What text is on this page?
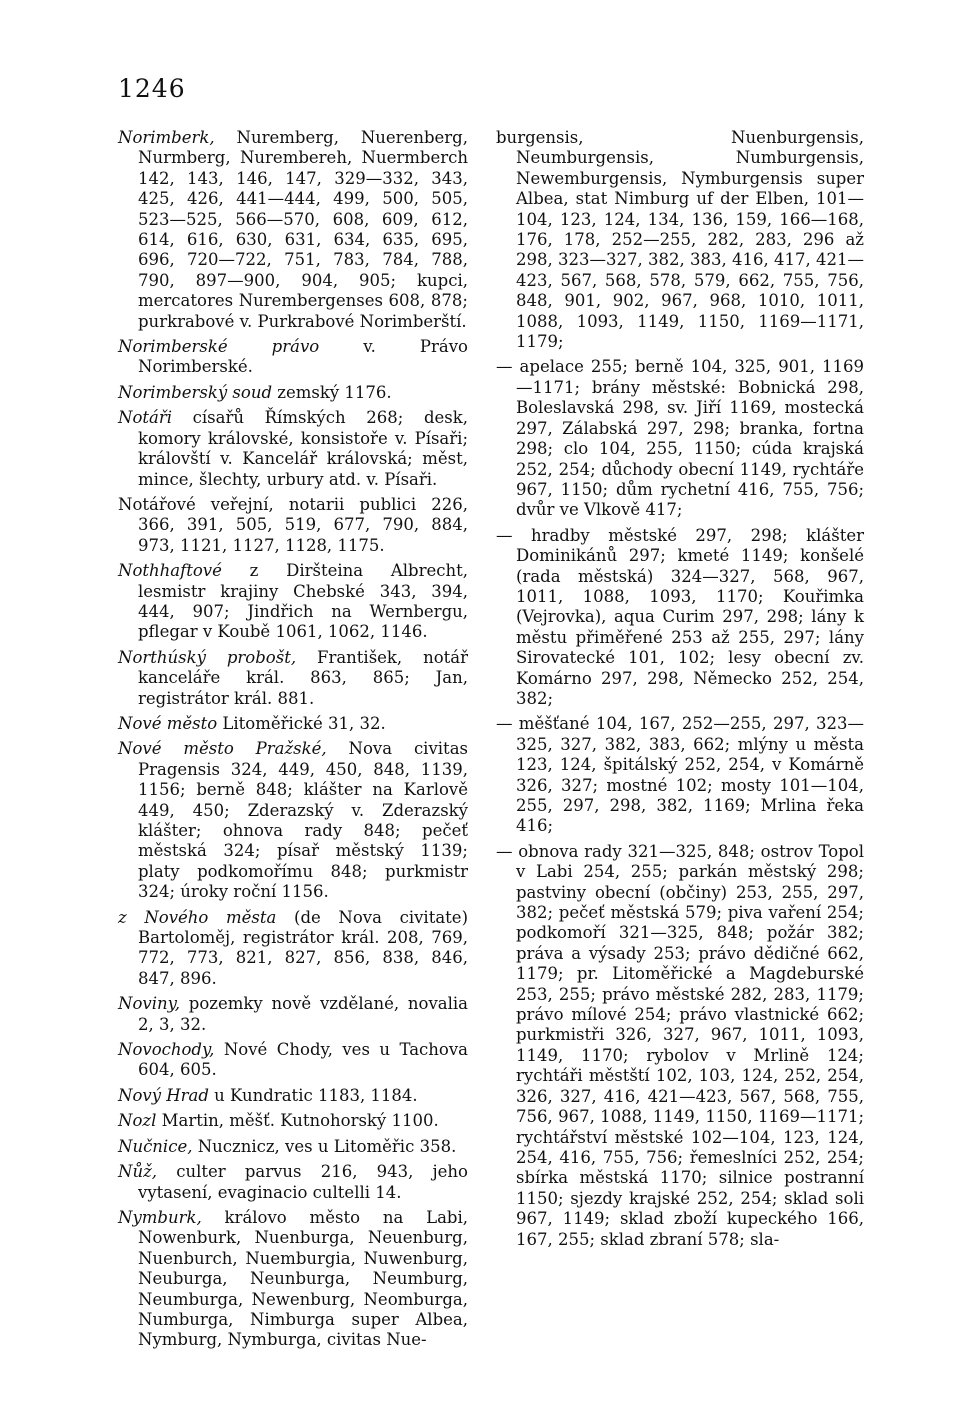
1246

Norimberk, Nuremberg, Nuerenberg, Nurmberg, Nurembereh, Nuermberch 142, 143, 146, 147, 329—332, 343, 425, 426, 441—444, 499, 500, 505, 523—525, 566—570, 608, 609, 612, 614, 616, 630, 631, 634, 635, 695, 696, 720—722, 751, 783, 784, 788, 790, 897—900, 904, 905; kupci, mercatores Nurembergenses 608, 878; purkrabové v. Purkrabové Norimberští.

Norimberské právo v. Právo Norimberské.

Norimberský soud zemský 1176.

Notáři císařů Římských 268; desk, komory královské, konsistoře v. Písaři; královští v. Kancelář královská; měst, mince, šlechty, urbury atd. v. Písaři.

Notářové veřejní, notarii publici 226, 366, 391, 505, 519, 677, 790, 884, 973, 1121, 1127, 1128, 1175.

Nothhaftové z Diršteina Albrecht, lesmistr krajiny Chebské 343, 394, 444, 907; Jindřich na Wernbergu, pflegar v Koubě 1061, 1062, 1146.

Northúský probošt, František, notář kanceláře král. 863, 865; Jan, registrátor král. 881.

Nové město Litoměřické 31, 32.

Nové město Pražské, Nova civitas Pragensis 324, 449, 450, 848, 1139, 1156; berně 848; klášter na Karlově 449, 450; Zderazský v. Zderazský klášter; ohnova rady 848; pečeť městská 324; písař městský 1139; platy podkomořímu 848; purkmistr 324; úroky roční 1156.

z Nového města (de Nova civitate) Bartoloměj, registrátor král. 208, 769, 772, 773, 821, 827, 856, 838, 846, 847, 896.

Noviny, pozemky nově vzdělané, novalia 2, 3, 32.

Novochody, Nové Chody, ves u Tachova 604, 605.

Nový Hrad u Kundratic 1183, 1184.

Nozl Martin, měšť. Kutnohorský 1100.

Nučnice, Nucznicz, ves u Litoměřic 358.

Nůž, culter parvus 216, 943, jeho vytasení, evaginacio cultelli 14.

Nymburk, královo město na Labi, Nowenburk, Nuenburga, Neuenburg, Nuenburch, Nuemburgia, Nuwenburg, Neuburga, Neunburga, Neumburg, Neumburga, Newenburg, Neomburga, Numburga, Nimburga super Albea, Nymburg, Nymburga, civitas Nue-

burgensis, Nuenburgensis, Neumburgensis, Numburgensis, Newemburgensis, Nymburgensis super Albea, stat Nimburg uf der Elben, 101—104, 123, 124, 134, 136, 159, 166—168, 176, 178, 252—255, 282, 283, 296 až 298, 323—327, 382, 383, 416, 417, 421—423, 567, 568, 578, 579, 662, 755, 756, 848, 901, 902, 967, 968, 1010, 1011, 1088, 1093, 1149, 1150, 1169—1171, 1179;

— apelace 255; berně 104, 325, 901, 1169—1171; brány městské: Bobnická 298, Boleslavská 298, sv. Jiří 1169, mostecká 297, Zálabská 297, 298; branka, fortna 298; clo 104, 255, 1150; cúda krajská 252, 254; důchody obecní 1149, rychtáře 967, 1150; dům rychetní 416, 755, 756; dvůr ve Vlkově 417;

— hradby městské 297, 298; klášter Dominikánů 297; kmeté 1149; konšelé (rada městská) 324—327, 568, 967, 1011, 1088, 1093, 1170; Kouřimka (Vejrovka), aqua Curim 297, 298; lány k městu přiměřené 253 až 255, 297; lány Sirovatecké 101, 102; lesy obecní zv. Komárno 297, 298, Německo 252, 254, 382;

— měšťané 104, 167, 252—255, 297, 323—325, 327, 382, 383, 662; mlýny u města 123, 124, špitálský 252, 254, v Komárně 326, 327; mostné 102; mosty 101—104, 255, 297, 298, 382, 1169; Mrlina řeka 416;

— obnova rady 321—325, 848; ostrov Topol v Labi 254, 255; parkán městský 298; pastviny obecní (občiny) 253, 255, 297, 382; pečeť městská 579; piva vaření 254; podkomoří 321—325, 848; požár 382; práva a výsady 253; právo dědičné 662, 1179; pr. Litoměřické a Magdeburské 253, 255; právo městské 282, 283, 1179; právo mílové 254; právo vlastnické 662; purkmistři 326, 327, 967, 1011, 1093, 1149, 1170; rybolov v Mrlině 124; rychtáři městští 102, 103, 124, 252, 254, 326, 327, 416, 421—423, 567, 568, 755, 756, 967, 1088, 1149, 1150, 1169—1171; rychtářství městské 102—104, 123, 124, 254, 416, 755, 756; řemeslníci 252, 254; sbírka městská 1170; silnice postranní 1150; sjezdy krajské 252, 254; sklad soli 967, 1149; sklad zboží kupeckého 166, 167, 255; sklad zbraní 578; sla-
